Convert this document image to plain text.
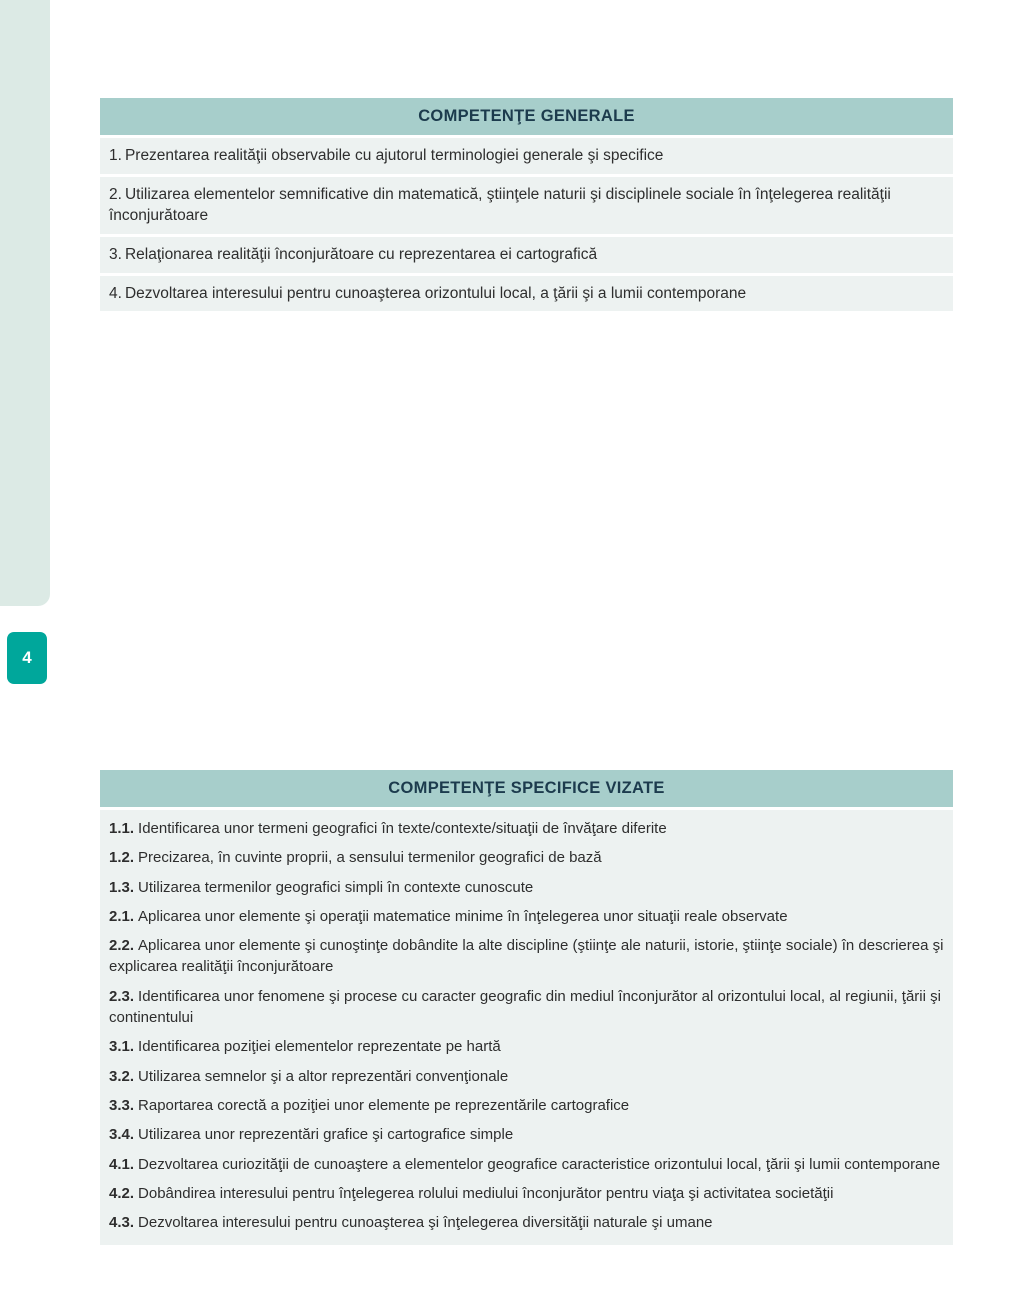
4
COMPETENŢE GENERALE
1. Prezentarea realităţii observabile cu ajutorul terminologiei generale şi specifice
2. Utilizarea elementelor semnificative din matematică, ştiinţele naturii şi disciplinele sociale în înţelegerea realităţii înconjurătoare
3. Relaţionarea realităţii înconjurătoare cu reprezentarea ei cartografică
4. Dezvoltarea interesului pentru cunoaşterea orizontului local, a ţării şi a lumii contemporane
COMPETENŢE SPECIFICE VIZATE
1.1. Identificarea unor termeni geografici în texte/contexte/situaţii de învăţare diferite
1.2. Precizarea, în cuvinte proprii, a sensului termenilor geografici de bază
1.3. Utilizarea termenilor geografici simpli în contexte cunoscute
2.1. Aplicarea unor elemente şi operaţii matematice minime în înţelegerea unor situaţii reale observate
2.2. Aplicarea unor elemente şi cunoştinţe dobândite la alte discipline (ştiinţe ale naturii, istorie, ştiinţe sociale) în descrierea şi explicarea realităţii înconjurătoare
2.3. Identificarea unor fenomene şi procese cu caracter geografic din mediul înconjurător al orizontului local, al regiunii, ţării şi continentului
3.1. Identificarea poziţiei elementelor reprezentate pe hartă
3.2. Utilizarea semnelor şi a altor reprezentări convenţionale
3.3. Raportarea corectă a poziţiei unor elemente pe reprezentările cartografice
3.4. Utilizarea unor reprezentări grafice şi cartografice simple
4.1. Dezvoltarea curiozităţii de cunoaştere a elementelor geografice caracteristice orizontului local, ţării şi lumii contemporane
4.2. Dobândirea interesului pentru înţelegerea rolului mediului înconjurător pentru viaţa şi activitatea societăţii
4.3. Dezvoltarea interesului pentru cunoaşterea şi înţelegerea diversităţii naturale şi umane
